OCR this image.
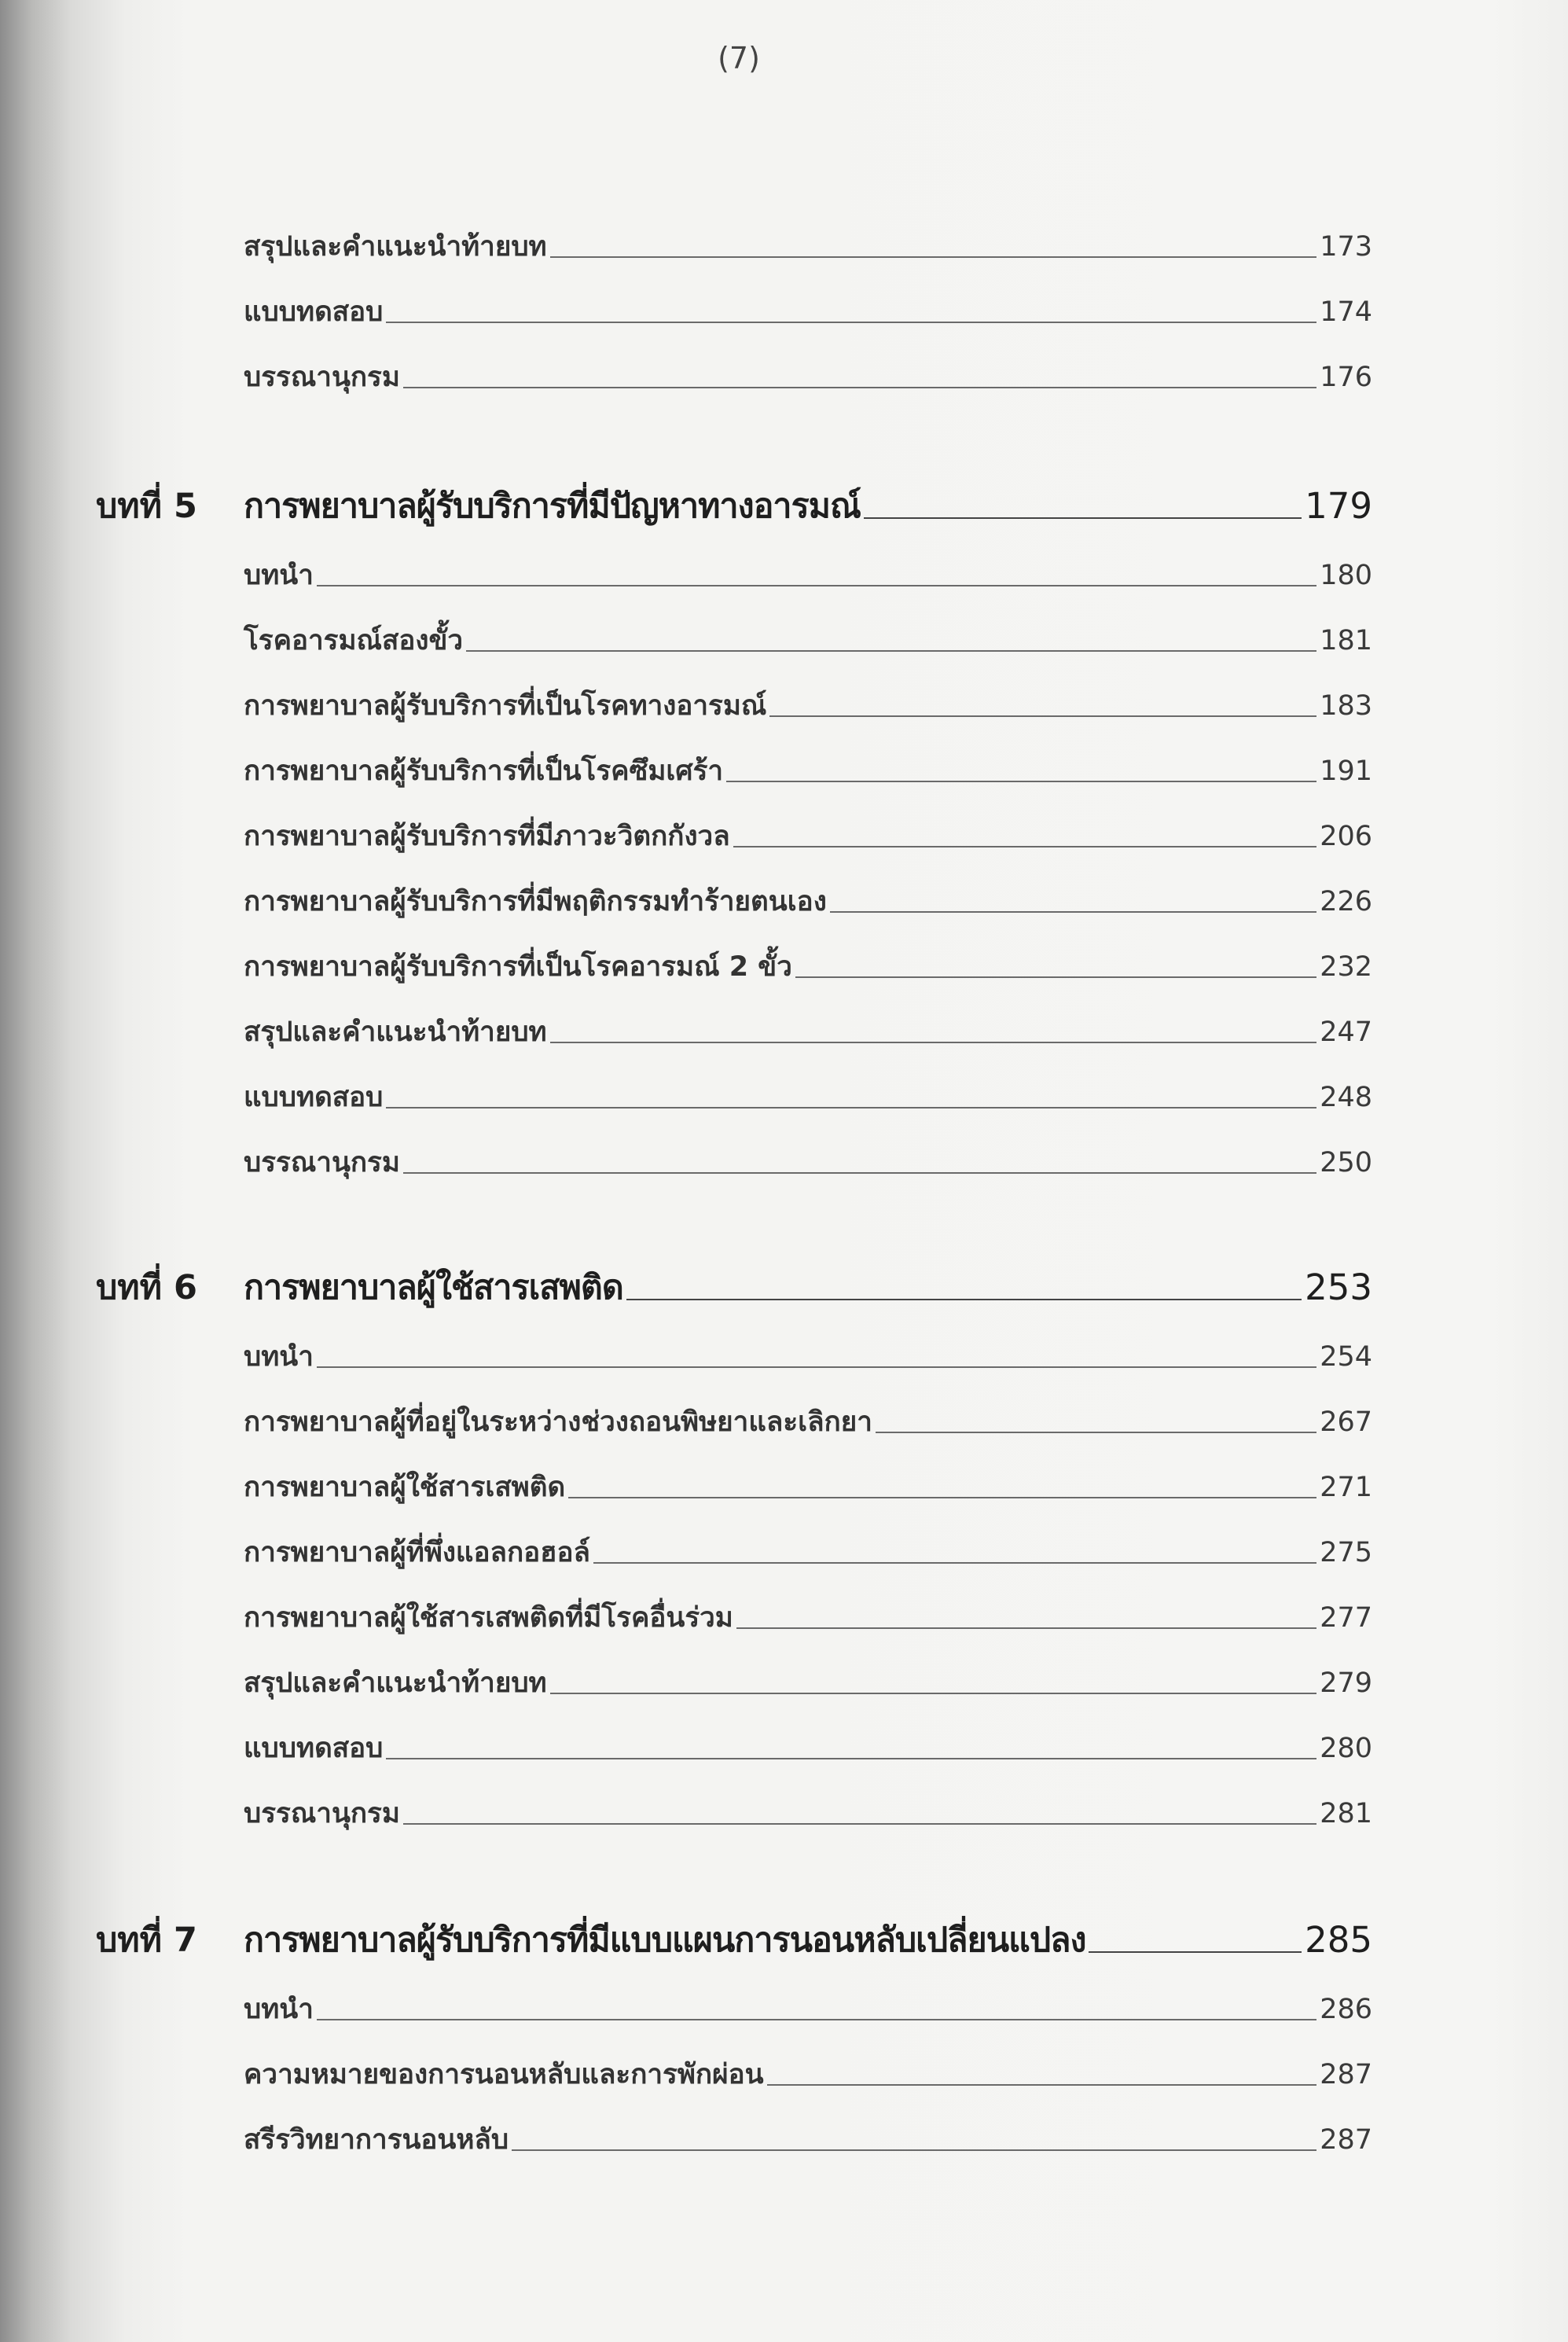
(7)
สรุปและคำแนะนำท้ายบท	173
แบบทดสอบ	174
บรรณานุกรม	176
บทที่ 5	การพยาบาลผู้รับบริการที่มีปัญหาทางอารมณ์	179
บทนำ	180
โรคอารมณ์สองขั้ว	181
การพยาบาลผู้รับบริการที่เป็นโรคทางอารมณ์	183
การพยาบาลผู้รับบริการที่เป็นโรคซึมเศร้า	191
การพยาบาลผู้รับบริการที่มีภาวะวิตกกังวล	206
การพยาบาลผู้รับบริการที่มีพฤติกรรมทำร้ายตนเอง	226
การพยาบาลผู้รับบริการที่เป็นโรคอารมณ์ 2 ขั้ว	232
สรุปและคำแนะนำท้ายบท	247
แบบทดสอบ	248
บรรณานุกรม	250
บทที่ 6	การพยาบาลผู้ใช้สารเสพติด	253
บทนำ	254
การพยาบาลผู้ที่อยู่ในระหว่างช่วงถอนพิษยาและเลิกยา	267
การพยาบาลผู้ใช้สารเสพติด	271
การพยาบาลผู้ที่พึ่งแอลกอฮอล์	275
การพยาบาลผู้ใช้สารเสพติดที่มีโรคอื่นร่วม	277
สรุปและคำแนะนำท้ายบท	279
แบบทดสอบ	280
บรรณานุกรม	281
บทที่ 7	การพยาบาลผู้รับบริการที่มีแบบแผนการนอนหลับเปลี่ยนแปลง	285
บทนำ	286
ความหมายของการนอนหลับและการพักผ่อน	287
สรีรวิทยาการนอนหลับ	287
